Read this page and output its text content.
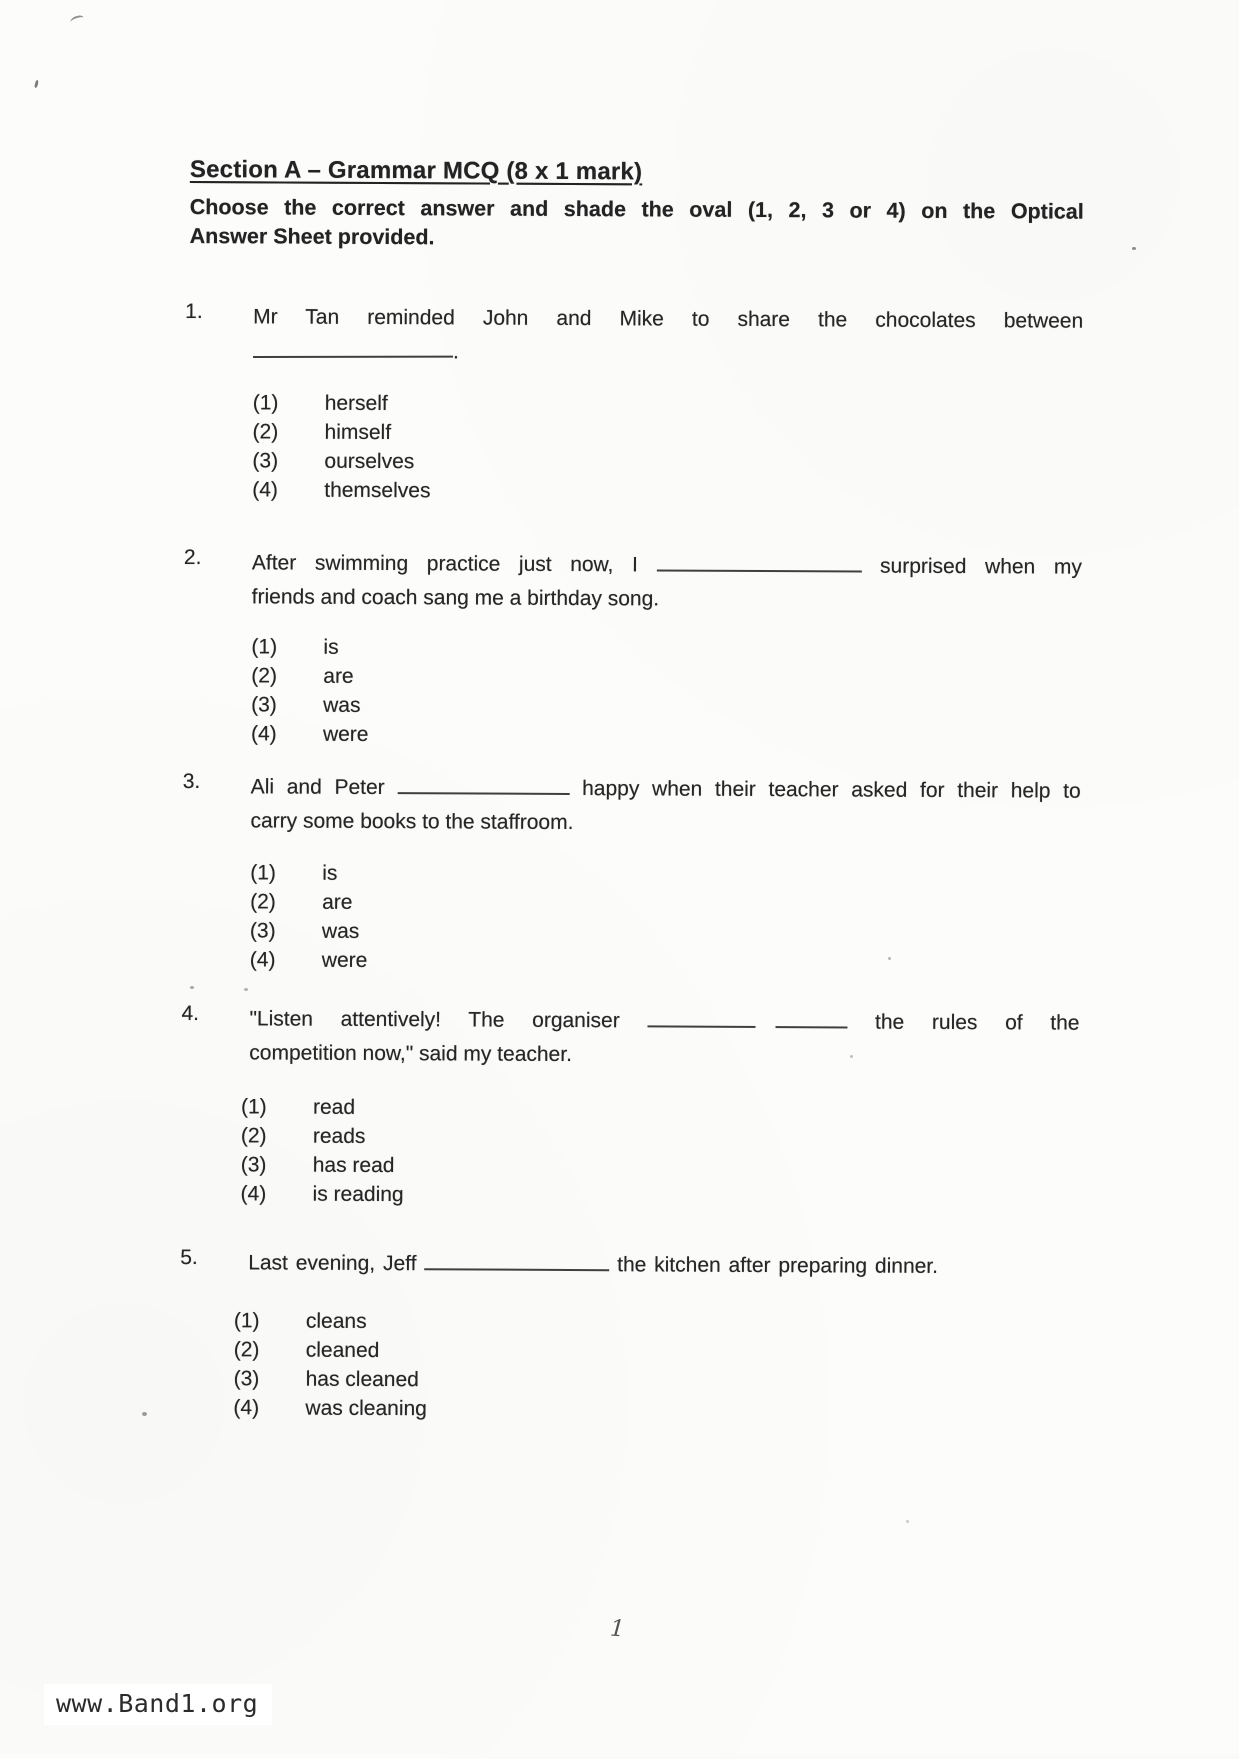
Section A – Grammar MCQ (8 x 1 mark)
Choose the correct answer and shade the oval (1, 2, 3 or 4) on the Optical
Answer Sheet provided.
1.	Mr Tan reminded John and Mike to share the chocolates between
.
(1) herself
(2) himself
(3) ourselves
(4) themselves
2.	After swimming practice just now, I	surprised when my
friends and coach sang me a birthday song.
(1) is
(2) are
(3) was
(4) were
3.	Ali and Peter	happy when their teacher asked for their help to
carry some books to the staffroom.
(1) is
(2) are
(3) was
(4) were
4.	"Listen attentively! The organiser	the rules of the
competition now," said my teacher.
(1) read
(2) reads
(3) has read
(4) is reading
5.	Last evening, Jeff	the kitchen after preparing dinner.
(1) cleans
(2) cleaned
(3) has cleaned
(4) was cleaning
1
www.Band1.org
